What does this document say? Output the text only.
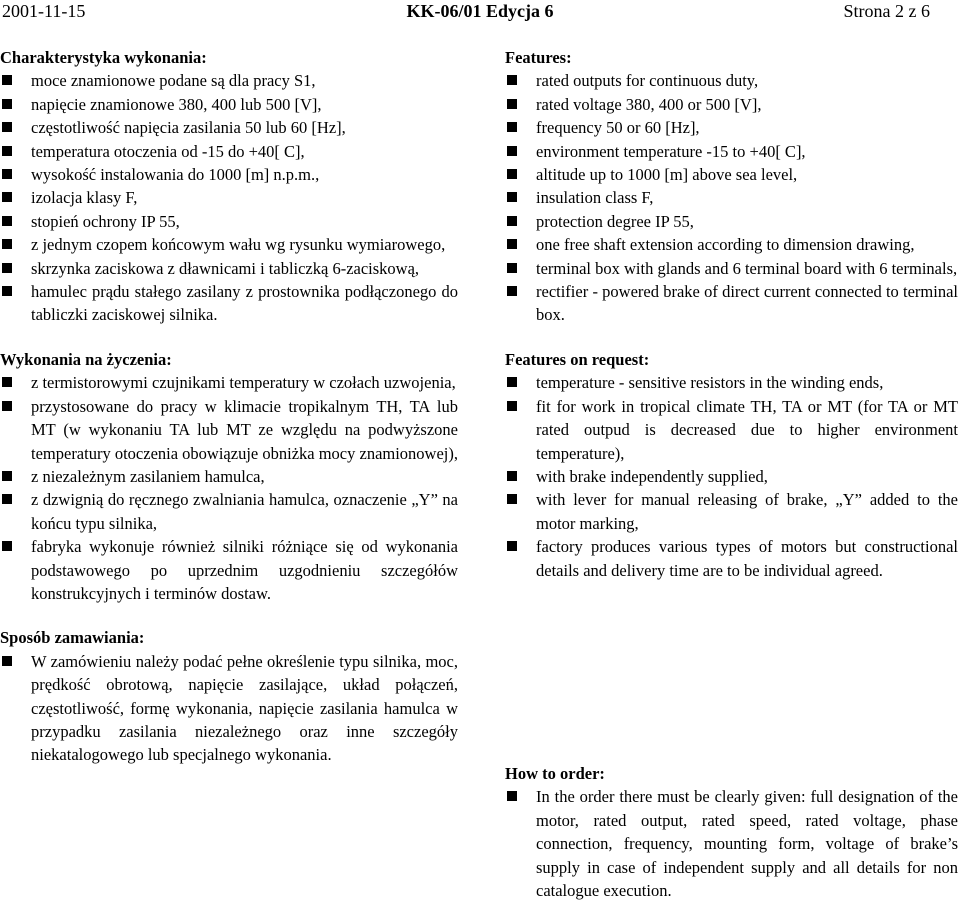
2001-11-15	KK-06/01 Edycja 6	Strona 2 z 6

Charakterystyka wykonania:

moce znamionowe podane są dla pracy S1,
napięcie znamionowe 380, 400 lub 500 [V],
częstotliwość napięcia zasilania 50 lub 60 [Hz],
temperatura otoczenia od -15 do +40[ C],
wysokość instalowania do 1000 [m] n.p.m.,
izolacja klasy F,
stopień ochrony IP 55,
z jednym czopem końcowym wału wg rysunku wymiarowego,
skrzynka zaciskowa z dławnicami i tabliczką 6-zaciskową,
hamulec prądu stałego zasilany z prostownika podłączonego do tabliczki zaciskowej silnika.

Wykonania na życzenia:

z termistorowymi czujnikami temperatury w czołach uzwojenia,
przystosowane do pracy w klimacie tropikalnym TH, TA lub MT (w wykonaniu TA lub MT ze względu na podwyższone temperatury otoczenia obowiązuje obniżka mocy znamionowej),
z niezależnym zasilaniem hamulca,
z dzwignią do ręcznego zwalniania hamulca, oznaczenie „Y” na końcu typu silnika,
fabryka wykonuje również silniki różniące się od wykonania podstawowego po uprzednim uzgodnieniu szczegółów konstrukcyjnych i terminów dostaw.

Sposób zamawiania:

W zamówieniu należy podać pełne określenie typu silnika, moc, prędkość obrotową, napięcie zasilające, układ połączeń, częstotliwość, formę wykonania, napięcie zasilania hamulca w przypadku zasilania niezależnego oraz inne szczegóły niekatalogowego lub specjalnego wykonania.

Features:

rated outputs for continuous duty,
rated voltage 380, 400 or 500 [V],
frequency 50 or 60 [Hz],
environment temperature -15 to +40[ C],
altitude up to 1000 [m] above sea level,
insulation class F,
protection degree IP 55,
one free shaft extension according to dimension drawing,
terminal box with glands and 6 terminal board with 6 terminals,
rectifier - powered brake of direct current connected to terminal box.

Features on request:

temperature - sensitive resistors in the winding ends,
fit for work in tropical climate TH, TA or MT (for TA or MT rated outpud is decreased due to higher environment temperature),
with brake independently supplied,
with lever for manual releasing of brake, „Y” added to the motor marking,
factory produces various types of motors but constructional details and delivery time are to be individual agreed.

How to order:

In the order there must be clearly given: full designation of the motor, rated output, rated speed, rated voltage, phase connection, frequency, mounting form, voltage of brake’s supply in case of independent supply and all details for non catalogue execution.
